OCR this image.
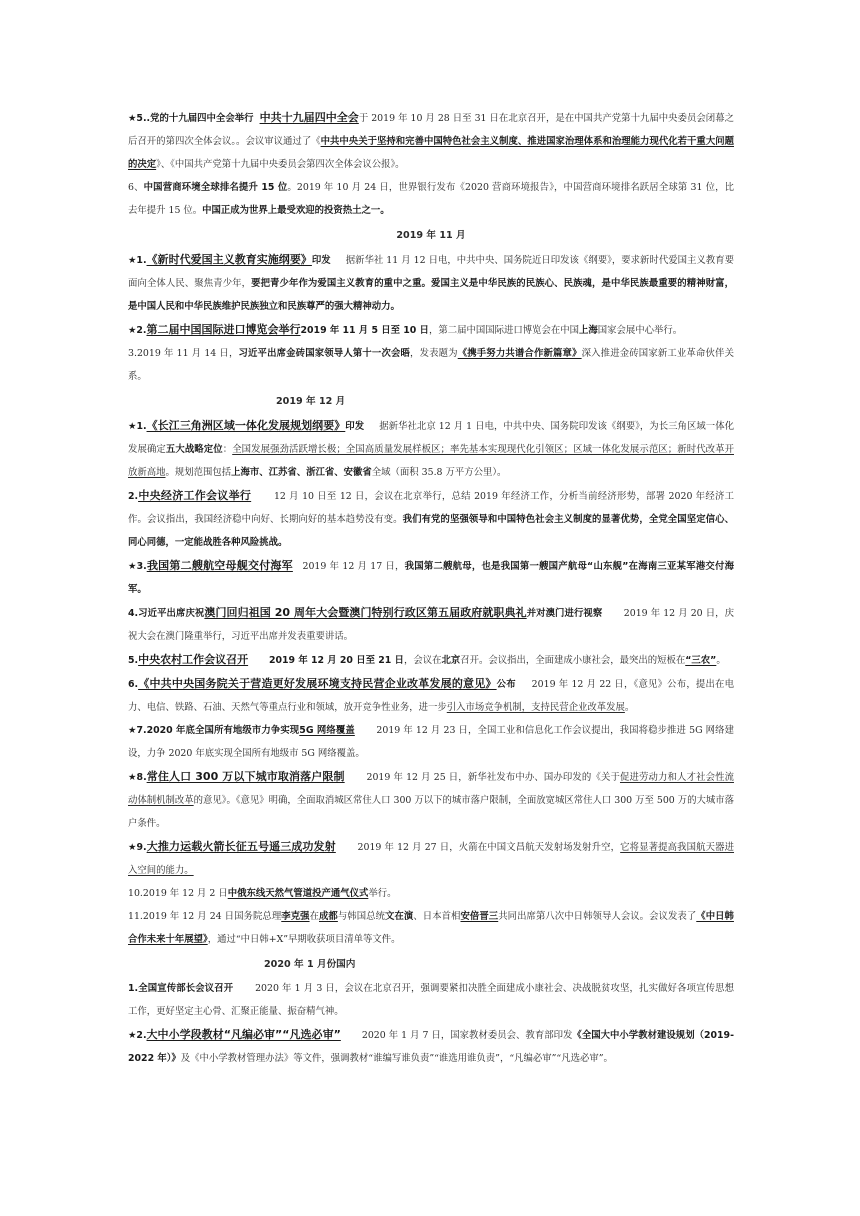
★5..党的十九届四中全会举行 中共十九届四中全会于 2019 年 10 月 28 日至 31 日在北京召开，是在中国共产党第十九届中央委员会闭幕之后召开的第四次全体会议。。会议审议通过了《中共中央关于坚持和完善中国特色社会主义制度、推进国家治理体系和治理能力现代化若干重大问题的决定》、《中国共产党第十九届中央委员会第四次全体会议公报》。

6、中国营商环境全球排名提升 15 位。2019 年 10 月 24 日，世界银行发布《2020 营商环境报告》，中国营商环境排名跃居全球第 31 位，比去年提升 15 位。中国正成为世界上最受欢迎的投资热土之一。

2019 年 11 月

★1.《新时代爱国主义教育实施纲要》印发 据新华社 11 月 12 日电，中共中央、国务院近日印发该《纲要》，要求新时代爱国主义教育要面向全体人民、聚焦青少年，要把青少年作为爱国主义教育的重中之重。爱国主义是中华民族的民族心、民族魂，是中华民族最重要的精神财富，是中国人民和中华民族维护民族独立和民族尊严的强大精神动力。

★2.第二届中国国际进口博览会举行2019 年 11 月 5 日至 10 日，第二届中国国际进口博览会在中国上海国家会展中心举行。

3.2019 年 11 月 14 日，习近平出席金砖国家领导人第十一次会晤，发表题为《携手努力共谱合作新篇章》深入推进金砖国家新工业革命伙伴关系。

2019 年 12 月

★1.《长江三角洲区域一体化发展规划纲要》印发 据新华社北京 12 月 1 日电，中共中央、国务院印发该《纲要》，为长三角区域一体化发展确定五大战略定位：全国发展强劲活跃增长极；全国高质量发展样板区；率先基本实现现代化引领区；区域一体化发展示范区；新时代改革开放新高地。规划范围包括上海市、江苏省、浙江省、安徽省全域（面积 35.8 万平方公里）。

2.中央经济工作会议举行 12 月 10 日至 12 日，会议在北京举行，总结 2019 年经济工作，分析当前经济形势，部署 2020 年经济工作。会议指出，我国经济稳中向好、长期向好的基本趋势没有变。我们有党的坚强领导和中国特色社会主义制度的显著优势，全党全国坚定信心、同心同德，一定能战胜各种风险挑战。

★3.我国第二艘航空母舰交付海军 2019 年 12 月 17 日，我国第二艘航母，也是我国第一艘国产航母“山东舰”在海南三亚某军港交付海军。

4.习近平出席庆祝澳门回归祖国 20 周年大会暨澳门特别行政区第五届政府就职典礼并对澳门进行视察 2019 年 12 月 20 日，庆祝大会在澳门隆重举行，习近平出席并发表重要讲话。

5.中央农村工作会议召开 2019 年 12 月 20 日至 21 日，会议在北京召开。会议指出，全面建成小康社会，最突出的短板在“三农”。

6.《中共中央国务院关于营造更好发展环境支持民营企业改革发展的意见》公布 2019 年 12 月 22 日，《意见》公布，提出在电力、电信、铁路、石油、天然气等重点行业和领域，放开竞争性业务，进一步引入市场竞争机制，支持民营企业改革发展。

★7.2020 年底全国所有地级市力争实现5G 网络覆盖 2019 年 12 月 23 日，全国工业和信息化工作会议提出，我国将稳步推进 5G 网络建设，力争 2020 年底实现全国所有地级市 5G 网络覆盖。

★8.常住人口 300 万以下城市取消落户限制 2019 年 12 月 25 日，新华社发布中办、国办印发的《关于促进劳动力和人才社会性流动体制机制改革的意见》。《意见》明确，全面取消城区常住人口 300 万以下的城市落户限制，全面放宽城区常住人口 300 万至 500 万的大城市落户条件。

★9.大推力运载火箭长征五号遥三成功发射 2019 年 12 月 27 日，火箭在中国文昌航天发射场发射升空，它将显著提高我国航天器进入空间的能力。

10.2019 年 12 月 2 日中俄东线天然气管道投产通气仪式举行。

11.2019 年 12 月 24 日国务院总理李克强在成都与韩国总统文在演、日本首相安倍晋三共同出席第八次中日韩领导人会议。会议发表了《中日韩合作未来十年展望》，通过“中日韩+X”早期收获项目清单等文件。

2020 年 1 月份国内

1.全国宣传部长会议召开 2020 年 1 月 3 日，会议在北京召开，强调要紧扣决胜全面建成小康社会、决战脱贫攻坚，扎实做好各项宣传思想工作，更好坚定主心骨、汇聚正能量、振奋精气神。

★2.大中小学段教材“凡编必审”“凡选必审” 2020 年 1 月 7 日，国家教材委员会、教育部印发《全国大中小学教材建设规划（2019-2022 年）》及《中小学教材管理办法》等文件，强调教材“谁编写谁负责”“谁选用谁负责”，“凡编必审”“凡选必审”。
